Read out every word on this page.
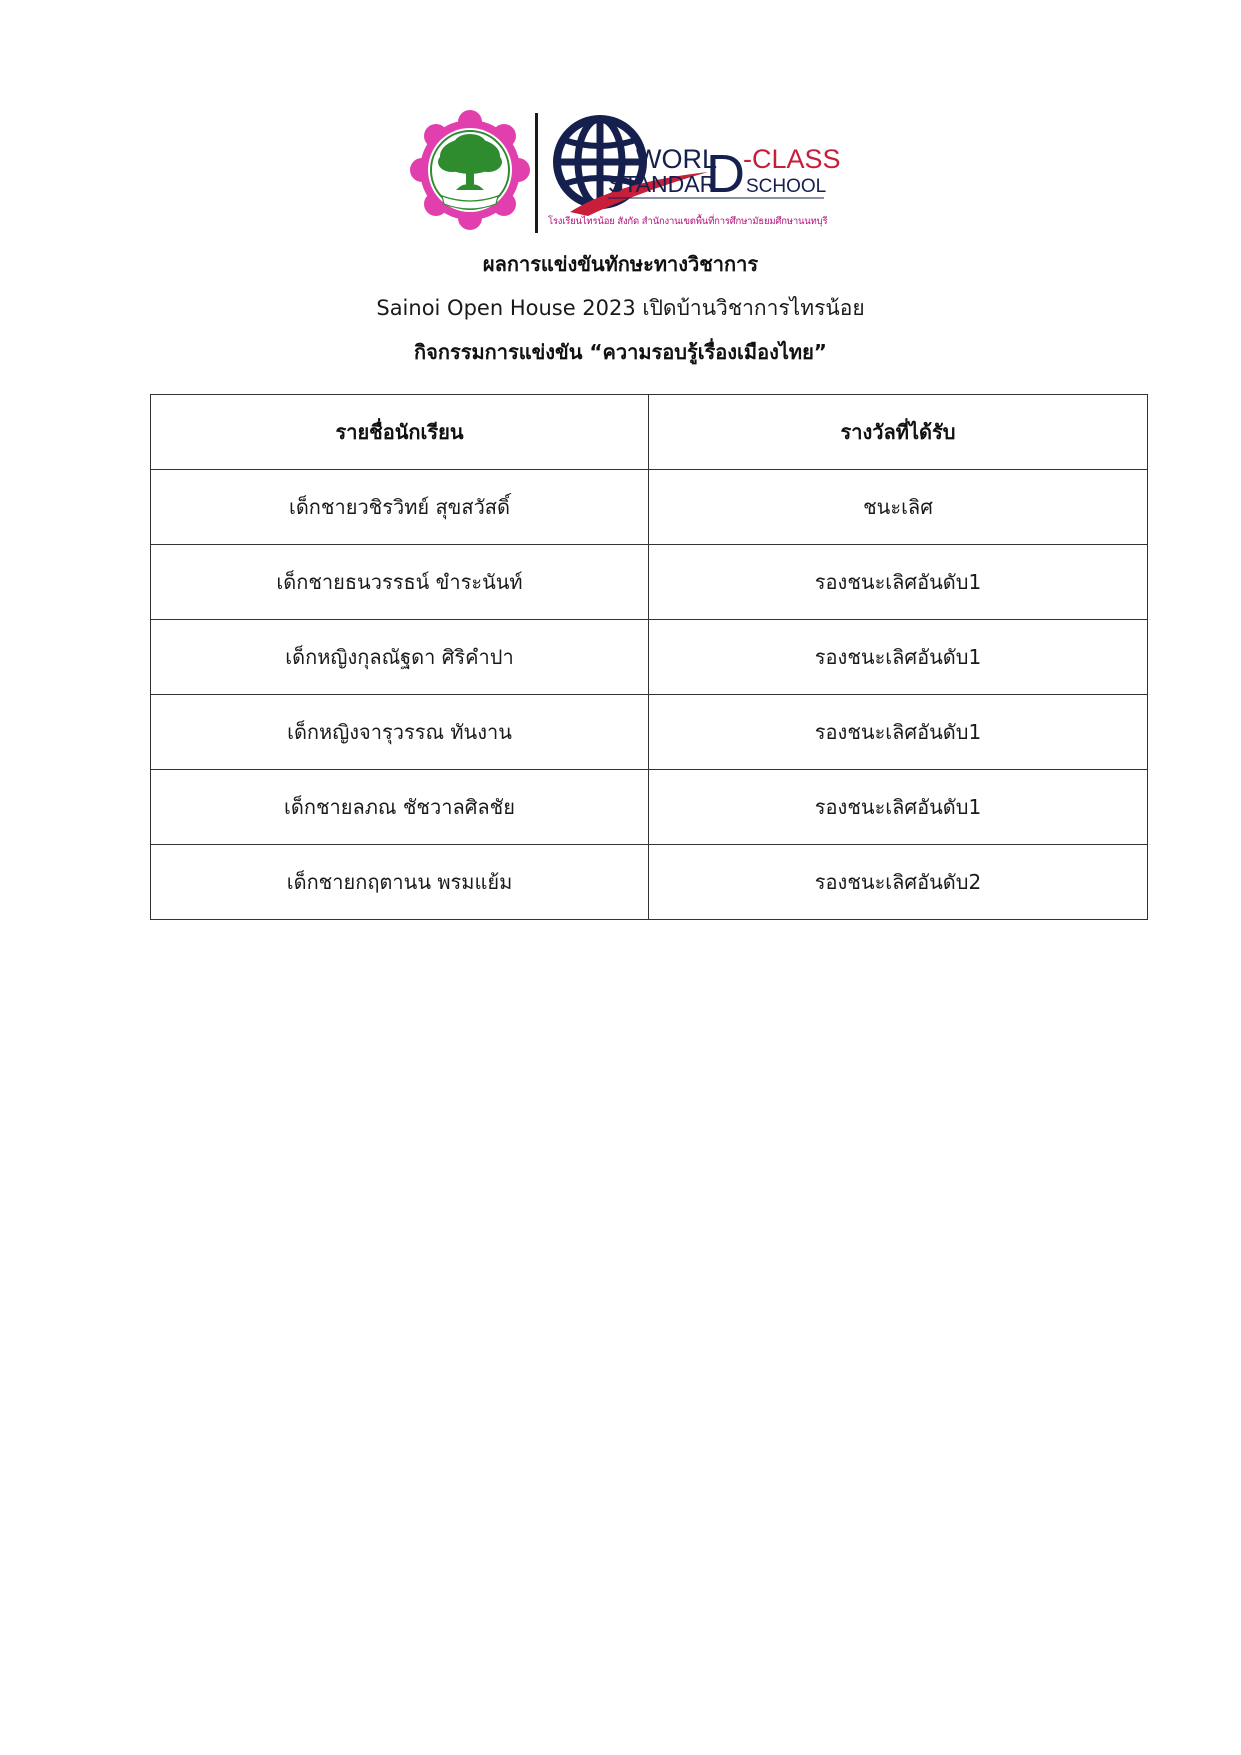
WORL
D
-CLASS
STANDAR SCHOOL
โรงเรียนไทรน้อย สังกัด สำนักงานเขตพื้นที่การศึกษามัธยมศึกษานนทบุรี
ผลการแข่งขันทักษะทางวิชาการ
Sainoi Open House 2023 เปิดบ้านวิชาการไทรน้อย
กิจกรรมการแข่งขัน “ความรอบรู้เรื่องเมืองไทย”
รายชื่อนักเรียน	รางวัลที่ได้รับ
เด็กชายวชิรวิทย์ สุขสวัสดิ์	ชนะเลิศ
เด็กชายธนวรรธน์ ขำระนันท์	รองชนะเลิศอันดับ1
เด็กหญิงกุลณัฐดา ศิริคำปา	รองชนะเลิศอันดับ1
เด็กหญิงจารุวรรณ ทันงาน	รองชนะเลิศอันดับ1
เด็กชายลภณ ชัชวาลศิลชัย	รองชนะเลิศอันดับ1
เด็กชายกฤตานน พรมแย้ม	รองชนะเลิศอันดับ2
